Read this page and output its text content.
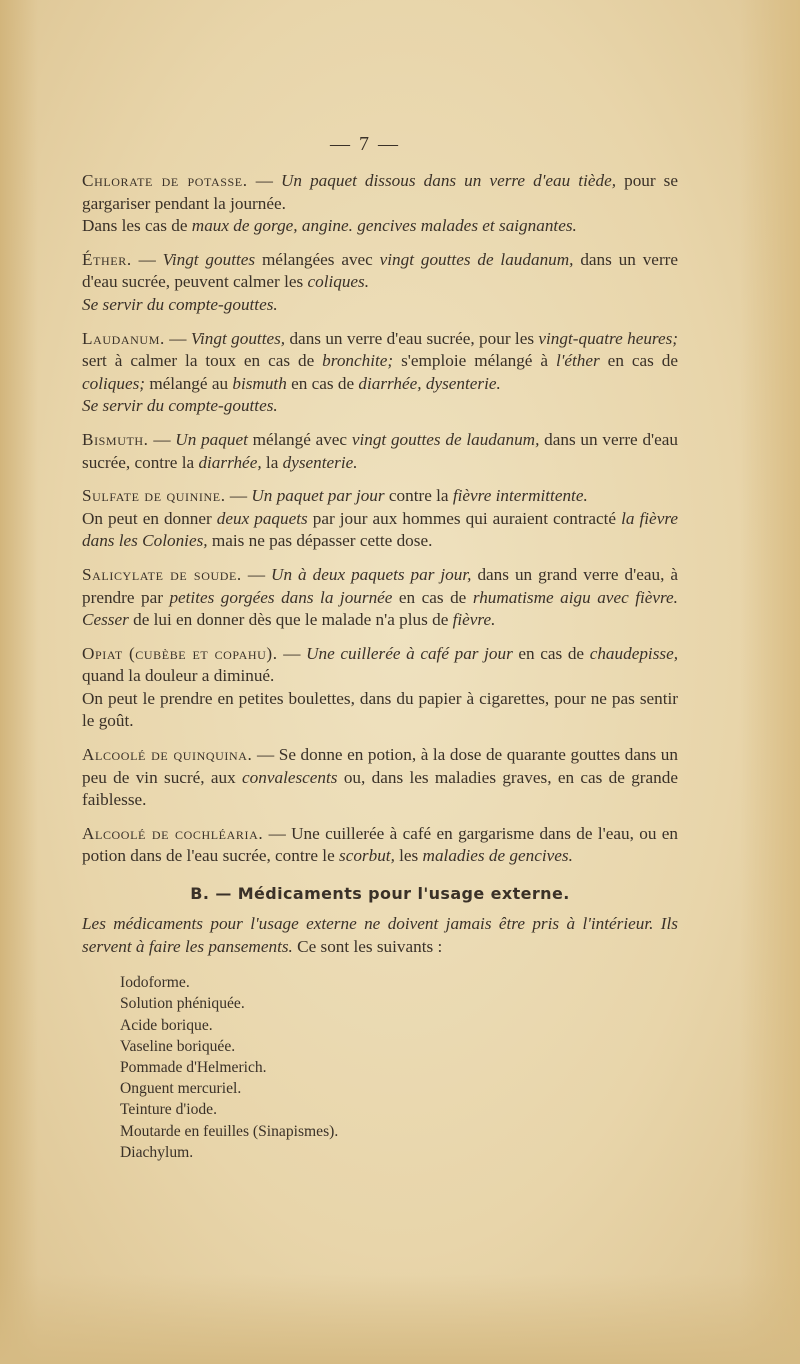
— 7 —

Chlorate de potasse. — Un paquet dissous dans un verre d'eau tiède, pour se gargariser pendant la journée.

Dans les cas de maux de gorge, angine. gencives malades et saignantes.

Éther. — Vingt gouttes mélangées avec vingt gouttes de laudanum, dans un verre d'eau sucrée, peuvent calmer les coliques.

Se servir du compte-gouttes.

Laudanum. — Vingt gouttes, dans un verre d'eau sucrée, pour les vingt-quatre heures; sert à calmer la toux en cas de bronchite; s'emploie mélangé à l'éther en cas de coliques; mélangé au bismuth en cas de diarrhée, dysenterie.

Se servir du compte-gouttes.

Bismuth. — Un paquet mélangé avec vingt gouttes de laudanum, dans un verre d'eau sucrée, contre la diarrhée, la dysenterie.

Sulfate de quinine. — Un paquet par jour contre la fièvre intermittente.

On peut en donner deux paquets par jour aux hommes qui auraient contracté la fièvre dans les Colonies, mais ne pas dépasser cette dose.

Salicylate de soude. — Un à deux paquets par jour, dans un grand verre d'eau, à prendre par petites gorgées dans la journée en cas de rhumatisme aigu avec fièvre. Cesser de lui en donner dès que le malade n'a plus de fièvre.

Opiat (cubèbe et copahu). — Une cuillerée à café par jour en cas de chaudepisse, quand la douleur a diminué.

On peut le prendre en petites boulettes, dans du papier à cigarettes, pour ne pas sentir le goût.

Alcoolé de quinquina. — Se donne en potion, à la dose de quarante gouttes dans un peu de vin sucré, aux convalescents ou, dans les maladies graves, en cas de grande faiblesse.

Alcoolé de cochléaria. — Une cuillerée à café en gargarisme dans de l'eau, ou en potion dans de l'eau sucrée, contre le scorbut, les maladies de gencives.

B. — Médicaments pour l'usage externe.
Les médicaments pour l'usage externe ne doivent jamais être pris à l'intérieur. Ils servent à faire les pansements. Ce sont les suivants :
Iodoforme.
Solution phéniquée.
Acide borique.
Vaseline boriquée.
Pommade d'Helmerich.
Onguent mercuriel.
Teinture d'iode.
Moutarde en feuilles (Sinapismes).
Diachylum.
